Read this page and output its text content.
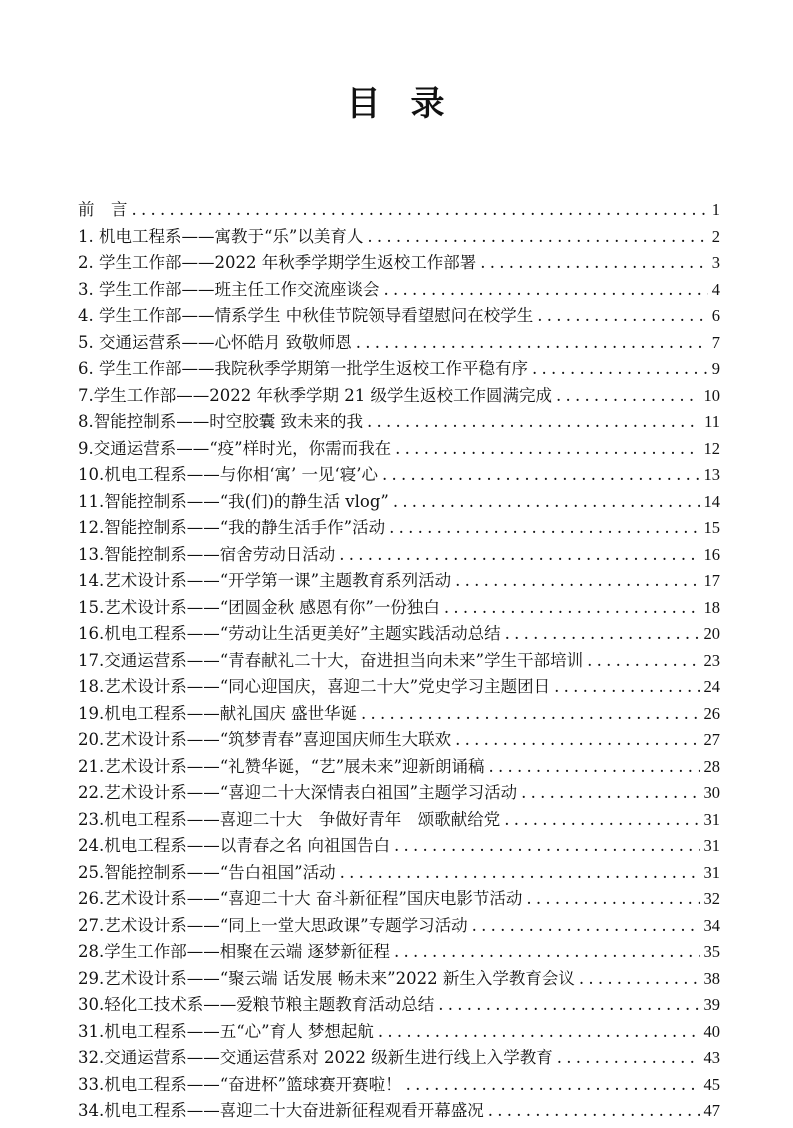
目 录
前　言 . . .	1
1. 机电工程系——寓教于“乐”以美育人 . . .	2
2. 学生工作部——2022 年秋季学期学生返校工作部署 . . .	3
3. 学生工作部——班主任工作交流座谈会 . . .	4
4. 学生工作部——情系学生 中秋佳节院领导看望慰问在校学生 . . .	6
5. 交通运营系——心怀皓月 致敬师恩 . . .	7
6. 学生工作部——我院秋季学期第一批学生返校工作平稳有序 . . .	9
7.学生工作部——2022 年秋季学期 21 级学生返校工作圆满完成 . . .	10
8.智能控制系——时空胶囊 致未来的我 . . .	11
9.交通运营系——“疫”样时光，你需而我在 . . .	12
10.机电工程系——与你相‘寓’ 一见‘寝’心 . . .	13
11.智能控制系——“我(们)的静生活 vlog” . . .	14
12.智能控制系——“我的静生活手作”活动 . . .	15
13.智能控制系——宿舍劳动日活动 . . .	16
14.艺术设计系——“开学第一课”主题教育系列活动 . . .	17
15.艺术设计系——“团圆金秋 感恩有你”一份独白 . . .	18
16.机电工程系——“劳动让生活更美好”主题实践活动总结 . . .	20
17.交通运营系——“青春献礼二十大，奋进担当向未来”学生干部培训 . . .	23
18.艺术设计系——“同心迎国庆，喜迎二十大”党史学习主题团日 . . .	24
19.机电工程系——献礼国庆 盛世华诞 . . .	26
20.艺术设计系——“筑梦青春”喜迎国庆师生大联欢 . . .	27
21.艺术设计系——“礼赞华诞，“艺”展未来”迎新朗诵稿 . . .	28
22.艺术设计系——“喜迎二十大深情表白祖国”主题学习活动 . . .	30
23.机电工程系——喜迎二十大　争做好青年　颂歌献给党 . . .	31
24.机电工程系——以青春之名 向祖国告白 . . .	31
25.智能控制系——“告白祖国”活动 . . .	31
26.艺术设计系——“喜迎二十大 奋斗新征程”国庆电影节活动 . . .	32
27.艺术设计系——“同上一堂大思政课”专题学习活动 . . .	34
28.学生工作部——相聚在云端 逐梦新征程 . . .	35
29.艺术设计系——“聚云端 话发展 畅未来”2022 新生入学教育会议 . . .	38
30.轻化工技术系——爱粮节粮主题教育活动总结 . . .	39
31.机电工程系——五“心”育人 梦想起航 . . .	40
32.交通运营系——交通运营系对 2022 级新生进行线上入学教育 . . .	43
33.机电工程系——“奋进杯”篮球赛开赛啦！ . . .	45
34.机电工程系——喜迎二十大奋进新征程观看开幕盛况 . . .	47
